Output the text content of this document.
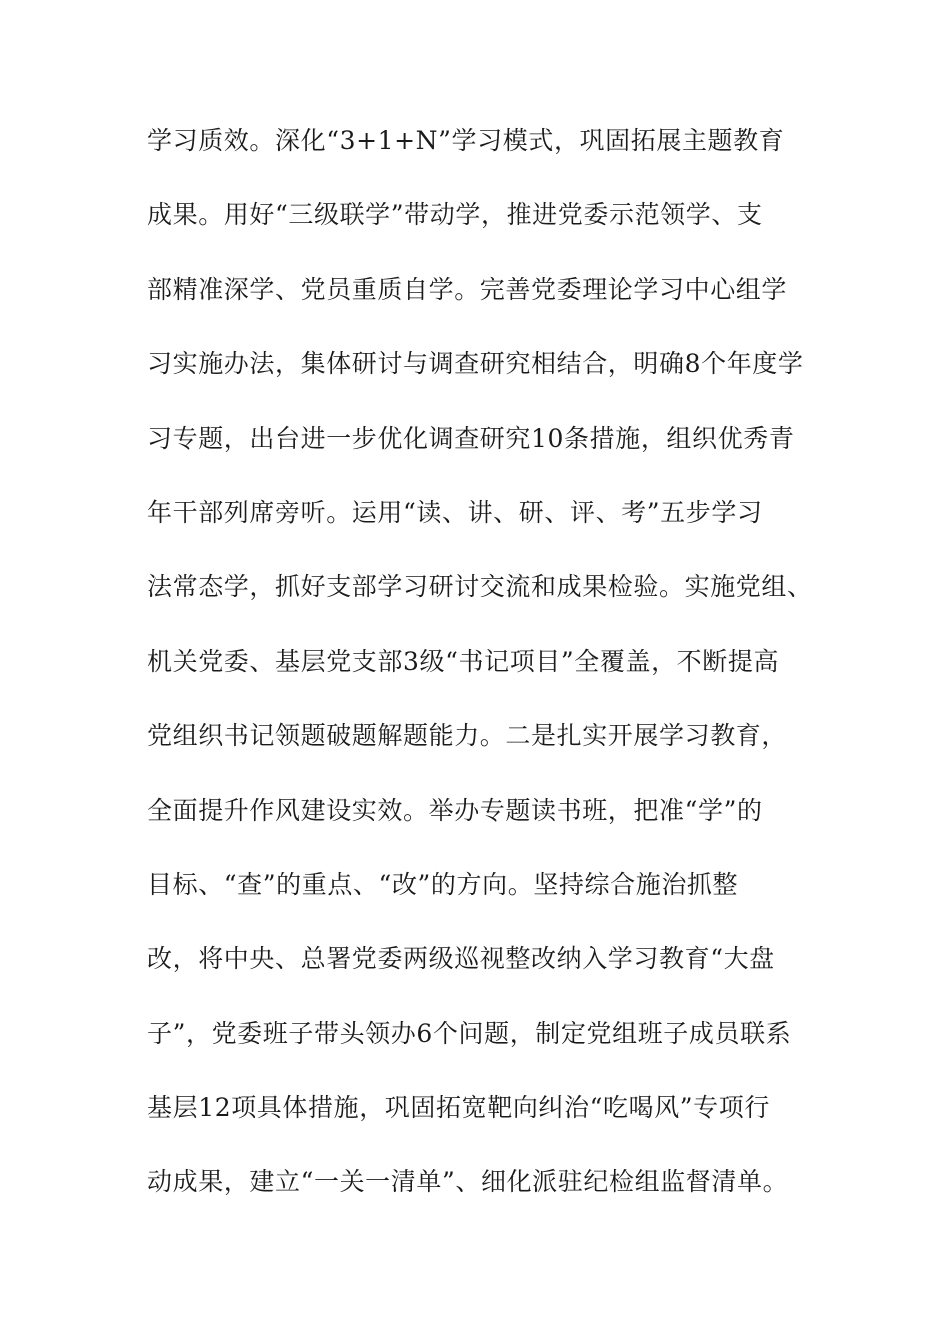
学习质效。深化“3+1+N”学习模式，巩固拓展主题教育
成果。用好“三级联学”带动学，推进党委示范领学、支
部精准深学、党员重质自学。完善党委理论学习中心组学
习实施办法，集体研讨与调查研究相结合，明确8个年度学
习专题，出台进一步优化调查研究10条措施，组织优秀青
年干部列席旁听。运用“读、讲、研、评、考”五步学习
法常态学，抓好支部学习研讨交流和成果检验。实施党组、
机关党委、基层党支部3级“书记项目”全覆盖，不断提高
党组织书记领题破题解题能力。二是扎实开展学习教育，
全面提升作风建设实效。举办专题读书班，把准“学”的
目标、“查”的重点、“改”的方向。坚持综合施治抓整
改，将中央、总署党委两级巡视整改纳入学习教育“大盘
子”，党委班子带头领办6个问题，制定党组班子成员联系
基层12项具体措施，巩固拓宽靶向纠治“吃喝风”专项行
动成果，建立“一关一清单”、细化派驻纪检组监督清单。
